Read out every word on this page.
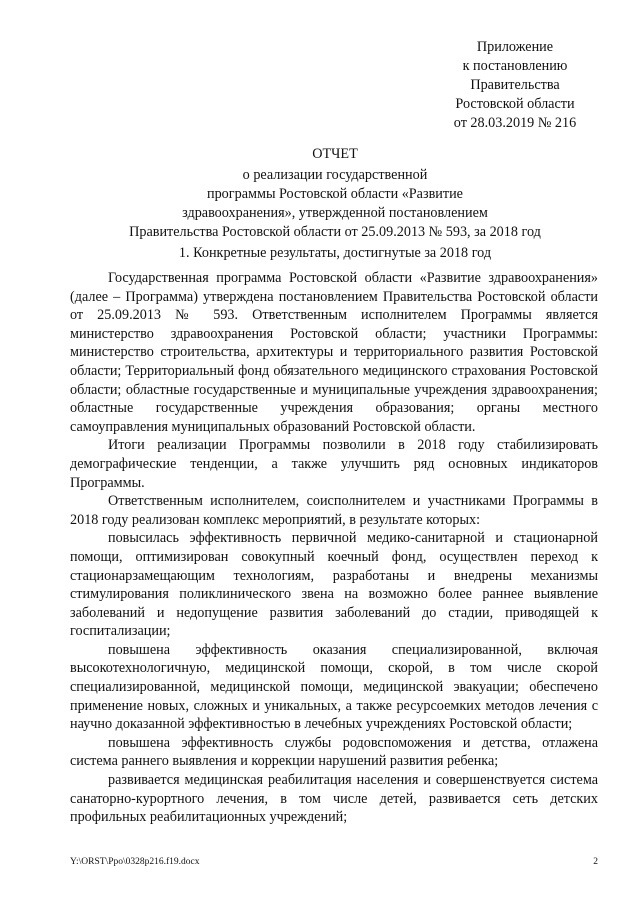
Приложение
к постановлению
Правительства
Ростовской области
от 28.03.2019 № 216
ОТЧЕТ
о реализации государственной
программы Ростовской области «Развитие
здравоохранения», утвержденной постановлением
Правительства Ростовской области от 25.09.2013 № 593, за 2018 год
1. Конкретные результаты, достигнутые за 2018 год

Государственная программа Ростовской области «Развитие здравоохранения» (далее – Программа) утверждена постановлением Правительства Ростовской области от 25.09.2013 № 593. Ответственным исполнителем Программы является министерство здравоохранения Ростовской области; участники Программы: министерство строительства, архитектуры и территориального развития Ростовской области; Территориальный фонд обязательного медицинского страхования Ростовской области; областные государственные и муниципальные учреждения здравоохранения; областные государственные учреждения образования; органы местного самоуправления муниципальных образований Ростовской области.

Итоги реализации Программы позволили в 2018 году стабилизировать демографические тенденции, а также улучшить ряд основных индикаторов Программы.

Ответственным исполнителем, соисполнителем и участниками Программы в 2018 году реализован комплекс мероприятий, в результате которых:

повысилась эффективность первичной медико-санитарной и стационарной помощи, оптимизирован совокупный коечный фонд, осуществлен переход к стационарзамещающим технологиям, разработаны и внедрены механизмы стимулирования поликлинического звена на возможно более раннее выявление заболеваний и недопущение развития заболеваний до стадии, приводящей к госпитализации;

повышена эффективность оказания специализированной, включая высокотехнологичную, медицинской помощи, скорой, в том числе скорой специализированной, медицинской помощи, медицинской эвакуации; обеспечено применение новых, сложных и уникальных, а также ресурсоемких методов лечения с научно доказанной эффективностью в лечебных учреждениях Ростовской области;

повышена эффективность службы родовспоможения и детства, отлажена система раннего выявления и коррекции нарушений развития ребенка;

развивается медицинская реабилитация населения и совершенствуется система санаторно-курортного лечения, в том числе детей, развивается сеть детских профильных реабилитационных учреждений;

Y:\ORST\Ppo\0328p216.f19.docx	2
